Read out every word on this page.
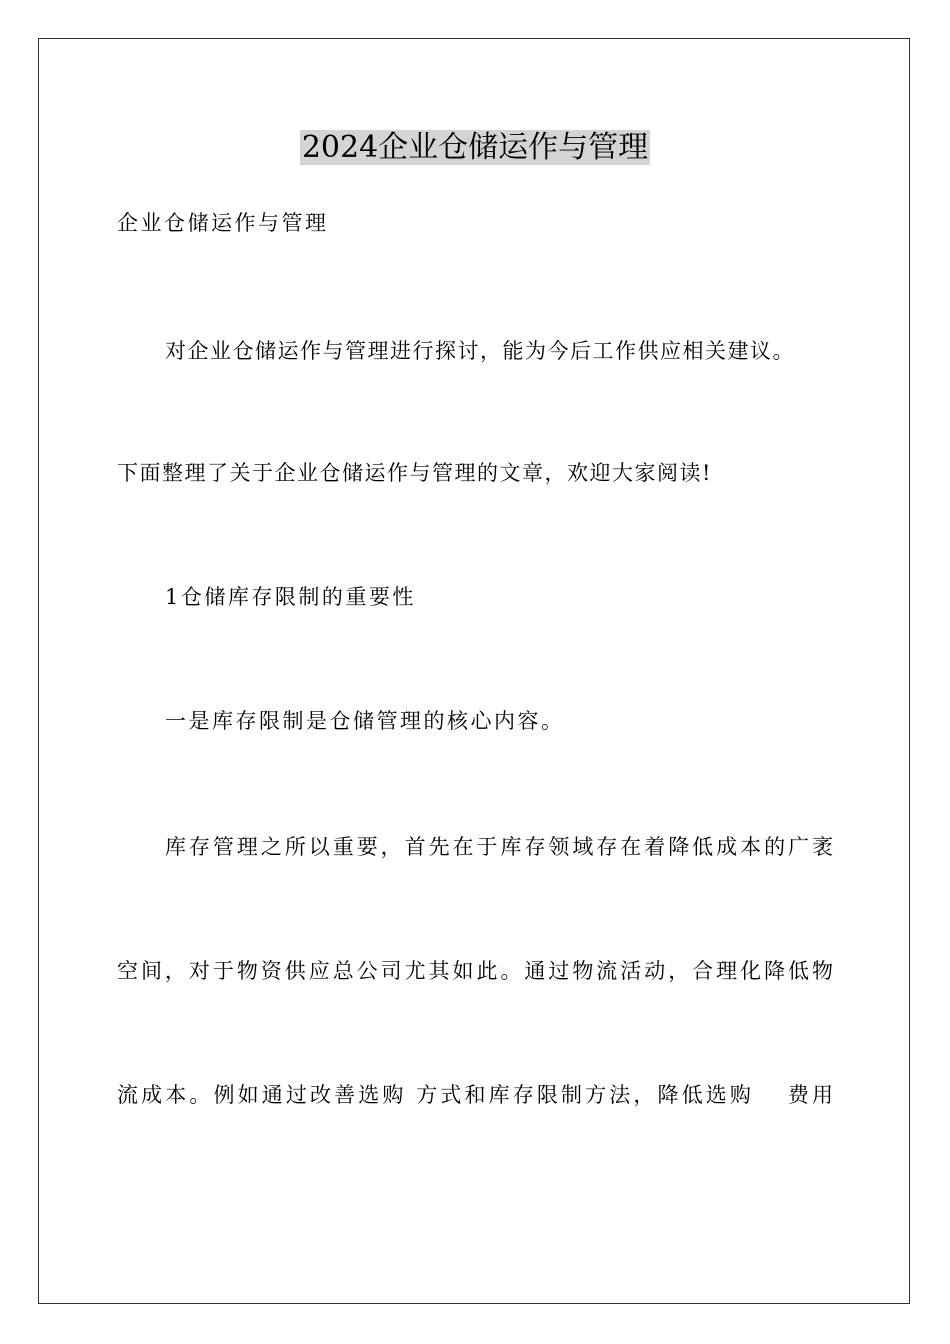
2024企业仓储运作与管理
企业仓储运作与管理
对企业仓储运作与管理进行探讨，能为今后工作供应相关建议。
下面整理了关于企业仓储运作与管理的文章，欢迎大家阅读!
1仓储库存限制的重要性
一是库存限制是仓储管理的核心内容。
库存管理之所以重要，首先在于库存领域存在着降低成本的广袤
空间，对于物资供应总公司尤其如此。通过物流活动，合理化降低物
流成本。例如通过改善选购 方式和库存限制方法，降低选购　 费用
